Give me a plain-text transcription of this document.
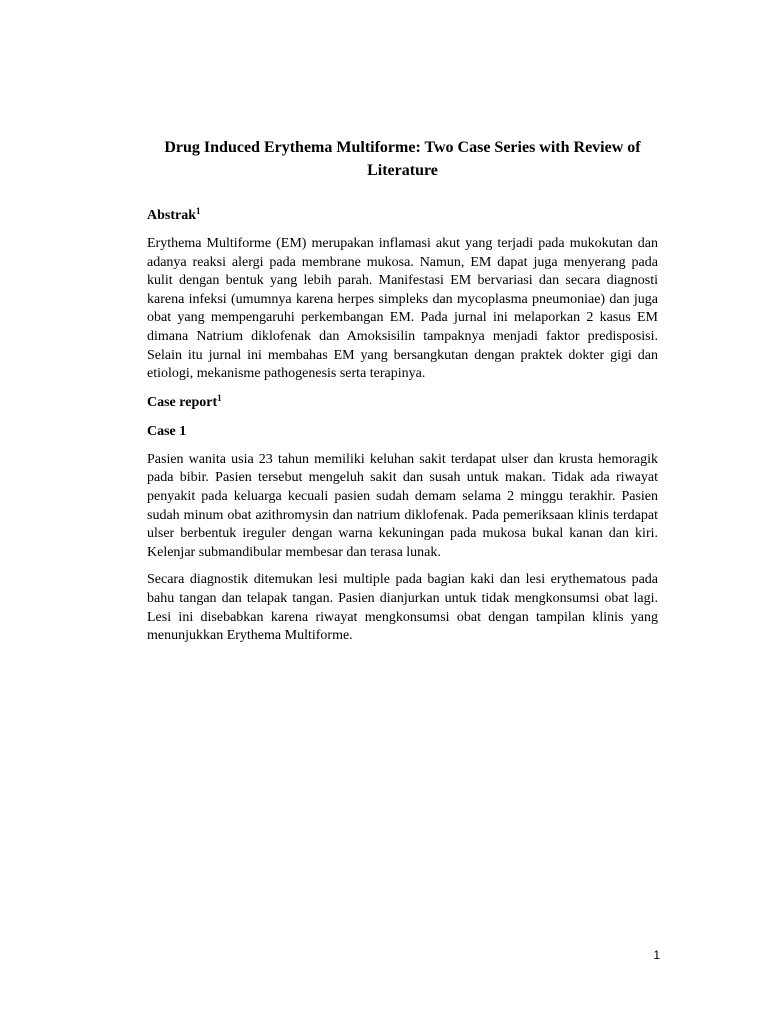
Drug Induced Erythema Multiforme: Two Case Series with Review of Literature

Abstrak$^1$

Erythema Multiforme (EM) merupakan inflamasi akut yang terjadi pada mukokutan dan adanya reaksi alergi pada membrane mukosa. Namun, EM dapat juga menyerang pada kulit dengan bentuk yang lebih parah. Manifestasi EM bervariasi dan secara diagnosti karena infeksi (umumnya karena herpes simpleks dan mycoplasma pneumoniae) dan juga obat yang mempengaruhi perkembangan EM. Pada jurnal ini melaporkan 2 kasus EM dimana Natrium diklofenak dan Amoksisilin tampaknya menjadi faktor predisposisi. Selain itu jurnal ini membahas EM yang bersangkutan dengan praktek dokter gigi dan etiologi, mekanisme pathogenesis serta terapinya.

Case report$^1$

Case 1

Pasien wanita usia 23 tahun memiliki keluhan sakit terdapat ulser dan krusta hemoragik pada bibir. Pasien tersebut mengeluh sakit dan susah untuk makan. Tidak ada riwayat penyakit pada keluarga kecuali pasien sudah demam selama 2 minggu terakhir. Pasien sudah minum obat azithromysin dan natrium diklofenak. Pada pemeriksaan klinis terdapat ulser berbentuk ireguler dengan warna kekuningan pada mukosa bukal kanan dan kiri. Kelenjar submandibular membesar dan terasa lunak.

Secara diagnostik ditemukan lesi multiple pada bagian kaki dan lesi erythematous pada bahu tangan dan telapak tangan. Pasien dianjurkan untuk tidak mengkonsumsi obat lagi. Lesi ini disebabkan karena riwayat mengkonsumsi obat dengan tampilan klinis yang menunjukkan Erythema Multiforme.

1
